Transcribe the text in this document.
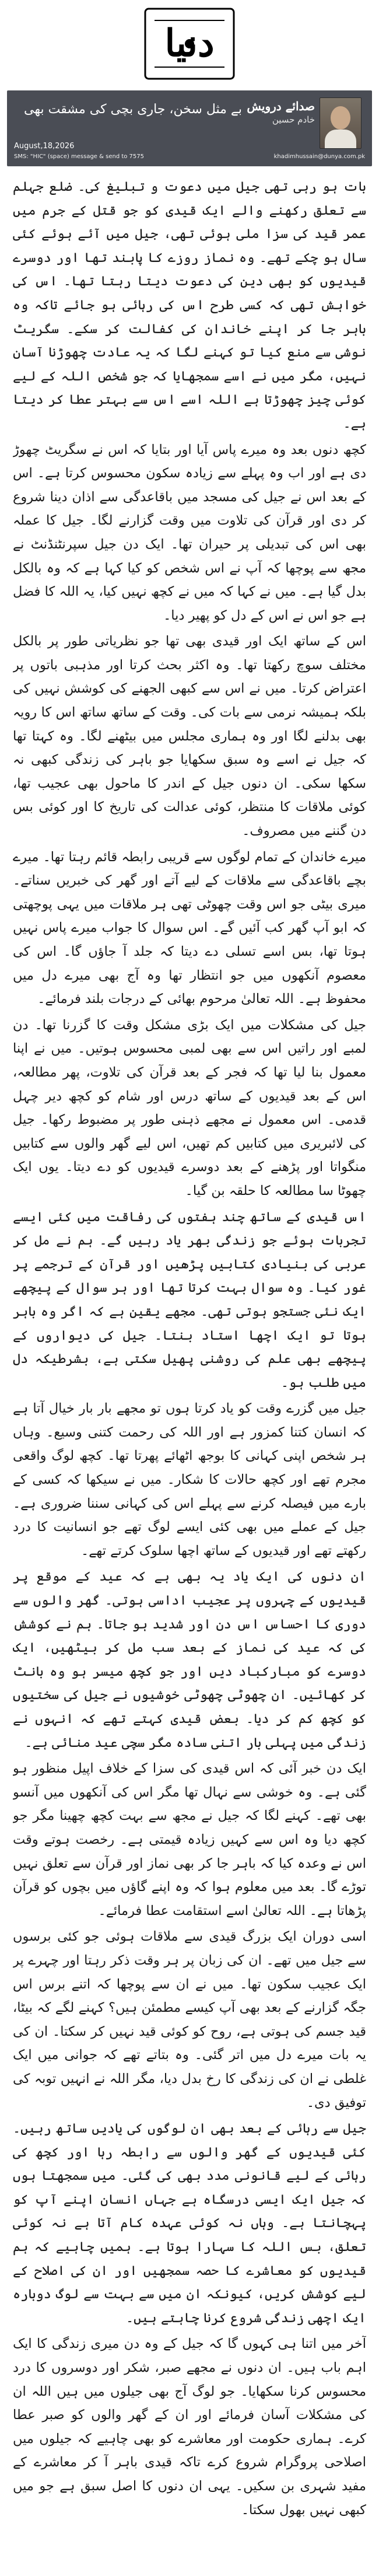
دنیا
بے مثل سخن، جاری بچی کی مشقت بھی صدائے درویش
خادم حسین
August,18,2026
SMS: "HIC" (space) message & send to 7575	khadimhussain@dunya.com.pk

بات ہو رہی تھی جیل میں دعوت و تبلیغ کی۔ ضلع جہلم سے تعلق رکھنے والے ایک قیدی کو جو قتل کے جرم میں عمر قید کی سزا ملی ہوئی تھی، جیل میں آئے ہوئے کئی سال ہو چکے تھے۔ وہ نماز روزے کا پابند تھا اور دوسرے قیدیوں کو بھی دین کی دعوت دیتا رہتا تھا۔ اس کی خواہش تھی کہ کسی طرح اس کی رہائی ہو جائے تاکہ وہ باہر جا کر اپنے خاندان کی کفالت کر سکے۔ سگریٹ نوشی سے منع کیا تو کہنے لگا کہ یہ عادت چھوڑنا آسان نہیں، مگر میں نے اسے سمجھایا کہ جو شخص اللہ کے لیے کوئی چیز چھوڑتا ہے اللہ اسے اس سے بہتر عطا کر دیتا ہے۔

کچھ دنوں بعد وہ میرے پاس آیا اور بتایا کہ اس نے سگریٹ چھوڑ دی ہے اور اب وہ پہلے سے زیادہ سکون محسوس کرتا ہے۔ اس کے بعد اس نے جیل کی مسجد میں باقاعدگی سے اذان دینا شروع کر دی اور قرآن کی تلاوت میں وقت گزارنے لگا۔ جیل کا عملہ بھی اس کی تبدیلی پر حیران تھا۔ ایک دن جیل سپرنٹنڈنٹ نے مجھ سے پوچھا کہ آپ نے اس شخص کو کیا کہا ہے کہ وہ بالکل بدل گیا ہے۔ میں نے کہا کہ میں نے کچھ نہیں کیا، یہ اللہ کا فضل ہے جو اس نے اس کے دل کو پھیر دیا۔

اس کے ساتھ ایک اور قیدی بھی تھا جو نظریاتی طور پر بالکل مختلف سوچ رکھتا تھا۔ وہ اکثر بحث کرتا اور مذہبی باتوں پر اعتراض کرتا۔ میں نے اس سے کبھی الجھنے کی کوشش نہیں کی بلکہ ہمیشہ نرمی سے بات کی۔ وقت کے ساتھ ساتھ اس کا رویہ بھی بدلنے لگا اور وہ ہماری مجلس میں بیٹھنے لگا۔ وہ کہتا تھا کہ جیل نے اسے وہ سبق سکھایا جو باہر کی زندگی کبھی نہ سکھا سکی۔ ان دنوں جیل کے اندر کا ماحول بھی عجیب تھا، کوئی ملاقات کا منتظر، کوئی عدالت کی تاریخ کا اور کوئی بس دن گننے میں مصروف۔

میرے خاندان کے تمام لوگوں سے قریبی رابطہ قائم رہتا تھا۔ میرے بچے باقاعدگی سے ملاقات کے لیے آتے اور گھر کی خبریں سناتے۔ میری بیٹی جو اس وقت چھوٹی تھی ہر ملاقات میں یہی پوچھتی کہ ابو آپ گھر کب آئیں گے۔ اس سوال کا جواب میرے پاس نہیں ہوتا تھا، بس اسے تسلی دے دیتا کہ جلد آ جاؤں گا۔ اس کی معصوم آنکھوں میں جو انتظار تھا وہ آج بھی میرے دل میں محفوظ ہے۔ اللہ تعالیٰ مرحوم بھائی کے درجات بلند فرمائے۔

جیل کی مشکلات میں ایک بڑی مشکل وقت کا گزرنا تھا۔ دن لمبے اور راتیں اس سے بھی لمبی محسوس ہوتیں۔ میں نے اپنا معمول بنا لیا تھا کہ فجر کے بعد قرآن کی تلاوت، پھر مطالعہ، اس کے بعد قیدیوں کے ساتھ درس اور شام کو کچھ دیر چہل قدمی۔ اس معمول نے مجھے ذہنی طور پر مضبوط رکھا۔ جیل کی لائبریری میں کتابیں کم تھیں، اس لیے گھر والوں سے کتابیں منگواتا اور پڑھنے کے بعد دوسرے قیدیوں کو دے دیتا۔ یوں ایک چھوٹا سا مطالعہ کا حلقہ بن گیا۔

اس قیدی کے ساتھ چند ہفتوں کی رفاقت میں کئی ایسے تجربات ہوئے جو زندگی بھر یاد رہیں گے۔ ہم نے مل کر عربی کی بنیادی کتابیں پڑھیں اور قرآن کے ترجمے پر غور کیا۔ وہ سوال بہت کرتا تھا اور ہر سوال کے پیچھے ایک نئی جستجو ہوتی تھی۔ مجھے یقین ہے کہ اگر وہ باہر ہوتا تو ایک اچھا استاد بنتا۔ جیل کی دیواروں کے پیچھے بھی علم کی روشنی پھیل سکتی ہے، بشرطیکہ دل میں طلب ہو۔

جیل میں گزرے وقت کو یاد کرتا ہوں تو مجھے بار بار خیال آتا ہے کہ انسان کتنا کمزور ہے اور اللہ کی رحمت کتنی وسیع۔ وہاں ہر شخص اپنی کہانی کا بوجھ اٹھائے پھرتا تھا۔ کچھ لوگ واقعی مجرم تھے اور کچھ حالات کا شکار۔ میں نے سیکھا کہ کسی کے بارے میں فیصلہ کرنے سے پہلے اس کی کہانی سننا ضروری ہے۔ جیل کے عملے میں بھی کئی ایسے لوگ تھے جو انسانیت کا درد رکھتے تھے اور قیدیوں کے ساتھ اچھا سلوک کرتے تھے۔

ان دنوں کی ایک یاد یہ بھی ہے کہ عید کے موقع پر قیدیوں کے چہروں پر عجیب اداسی ہوتی۔ گھر والوں سے دوری کا احساس اس دن اور شدید ہو جاتا۔ ہم نے کوشش کی کہ عید کی نماز کے بعد سب مل کر بیٹھیں، ایک دوسرے کو مبارکباد دیں اور جو کچھ میسر ہو وہ بانٹ کر کھائیں۔ ان چھوٹی چھوٹی خوشیوں نے جیل کی سختیوں کو کچھ کم کر دیا۔ بعض قیدی کہتے تھے کہ انہوں نے زندگی میں پہلی بار اتنی سادہ مگر سچی عید منائی ہے۔

ایک دن خبر آئی کہ اس قیدی کی سزا کے خلاف اپیل منظور ہو گئی ہے۔ وہ خوشی سے نہال تھا مگر اس کی آنکھوں میں آنسو بھی تھے۔ کہنے لگا کہ جیل نے مجھ سے بہت کچھ چھینا مگر جو کچھ دیا وہ اس سے کہیں زیادہ قیمتی ہے۔ رخصت ہوتے وقت اس نے وعدہ کیا کہ باہر جا کر بھی نماز اور قرآن سے تعلق نہیں توڑے گا۔ بعد میں معلوم ہوا کہ وہ اپنے گاؤں میں بچوں کو قرآن پڑھاتا ہے۔ اللہ تعالیٰ اسے استقامت عطا فرمائے۔

اسی دوران ایک بزرگ قیدی سے ملاقات ہوئی جو کئی برسوں سے جیل میں تھے۔ ان کی زبان پر ہر وقت ذکر رہتا اور چہرے پر ایک عجیب سکون تھا۔ میں نے ان سے پوچھا کہ اتنے برس اس جگہ گزارنے کے بعد بھی آپ کیسے مطمئن ہیں؟ کہنے لگے کہ بیٹا، قید جسم کی ہوتی ہے، روح کو کوئی قید نہیں کر سکتا۔ ان کی یہ بات میرے دل میں اتر گئی۔ وہ بتاتے تھے کہ جوانی میں ایک غلطی نے ان کی زندگی کا رخ بدل دیا، مگر اللہ نے انہیں توبہ کی توفیق دی۔

جیل سے رہائی کے بعد بھی ان لوگوں کی یادیں ساتھ رہیں۔ کئی قیدیوں کے گھر والوں سے رابطہ رہا اور کچھ کی رہائی کے لیے قانونی مدد بھی کی گئی۔ میں سمجھتا ہوں کہ جیل ایک ایسی درسگاہ ہے جہاں انسان اپنے آپ کو پہچانتا ہے۔ وہاں نہ کوئی عہدہ کام آتا ہے نہ کوئی تعلق، بس اللہ کا سہارا ہوتا ہے۔ ہمیں چاہیے کہ ہم قیدیوں کو معاشرے کا حصہ سمجھیں اور ان کی اصلاح کے لیے کوشش کریں، کیونکہ ان میں سے بہت سے لوگ دوبارہ ایک اچھی زندگی شروع کرنا چاہتے ہیں۔

آخر میں اتنا ہی کہوں گا کہ جیل کے وہ دن میری زندگی کا ایک اہم باب ہیں۔ ان دنوں نے مجھے صبر، شکر اور دوسروں کا درد محسوس کرنا سکھایا۔ جو لوگ آج بھی جیلوں میں ہیں اللہ ان کی مشکلات آسان فرمائے اور ان کے گھر والوں کو صبر عطا کرے۔ ہماری حکومت اور معاشرے کو بھی چاہیے کہ جیلوں میں اصلاحی پروگرام شروع کرے تاکہ قیدی باہر آ کر معاشرے کے مفید شہری بن سکیں۔ یہی ان دنوں کا اصل سبق ہے جو میں کبھی نہیں بھول سکتا۔
